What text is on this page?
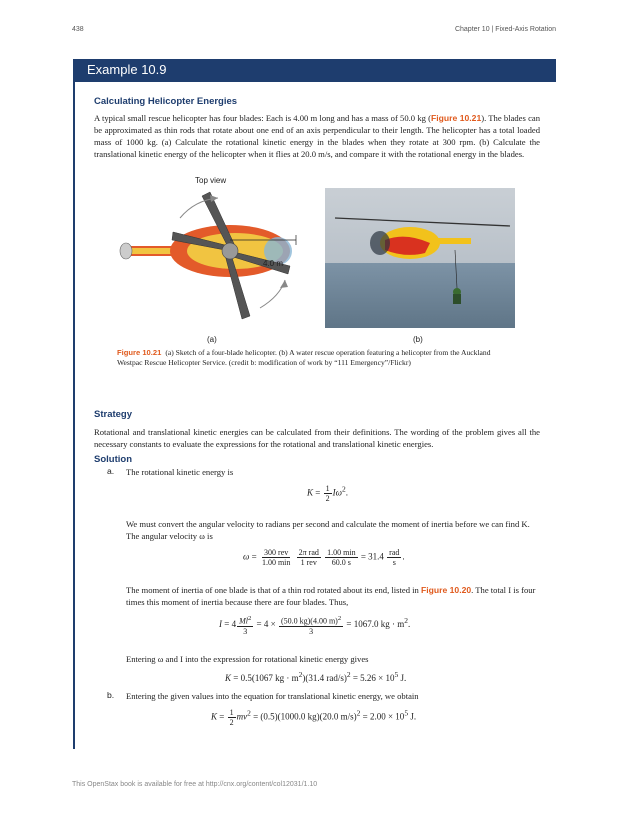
438	Chapter 10 | Fixed-Axis Rotation
Example 10.9
Calculating Helicopter Energies
A typical small rescue helicopter has four blades: Each is 4.00 m long and has a mass of 50.0 kg (Figure 10.21). The blades can be approximated as thin rods that rotate about one end of an axis perpendicular to their length. The helicopter has a total loaded mass of 1000 kg. (a) Calculate the rotational kinetic energy in the blades when they rotate at 300 rpm. (b) Calculate the translational kinetic energy of the helicopter when it flies at 20.0 m/s, and compare it with the rotational energy in the blades.
Top view
4.0 m
(a)	(b)
Figure 10.21 (a) Sketch of a four-blade helicopter. (b) A water rescue operation featuring a helicopter from the Auckland Westpac Rescue Helicopter Service. (credit b: modification of work by “111 Emergency”/Flickr)
Strategy
Rotational and translational kinetic energies can be calculated from their definitions. The wording of the problem gives all the necessary constants to evaluate the expressions for the rotational and translational kinetic energies.
Solution
a. The rotational kinetic energy is
$K = \frac{1}{2} I\omega^2$.
We must convert the angular velocity to radians per second and calculate the moment of inertia before we can find K. The angular velocity ω is
$\omega = \frac{\text{300 rev}}{1.00 \min}$
$\frac{\text{2π rad}}{\text{1 rev}}$
$\frac{1.00 \min}{60.0 s} = 31.4 \frac{\text{rad}}{s}$ .
The moment of inertia of one blade is that of a thin rod rotated about its end, listed in Figure 10.20. The total I is four times this moment of inertia because there are four blades. Thus,
$I = 4 \frac{Ml^2}{3} = 4 \times \frac{(50.0 kg)(4.00 m)^2}{3} = 1067.0$ kg · $m^2$.
Entering ω and I into the expression for rotational kinetic energy gives
K = 0.5(1067 kg · $m^2)(31.4$ $rad/s)^2 = 5.26 \times 10^5$ J.
b. Entering the given values into the equation for translational kinetic energy, we obtain
$K = \frac{1}{2} mv^2 = (0.5)(1000.0$ kg)(20.0 $m/s)^2 = 2.00 \times 10^5$ J.
This OpenStax book is available for free at http://cnx.org/content/col12031/1.10
